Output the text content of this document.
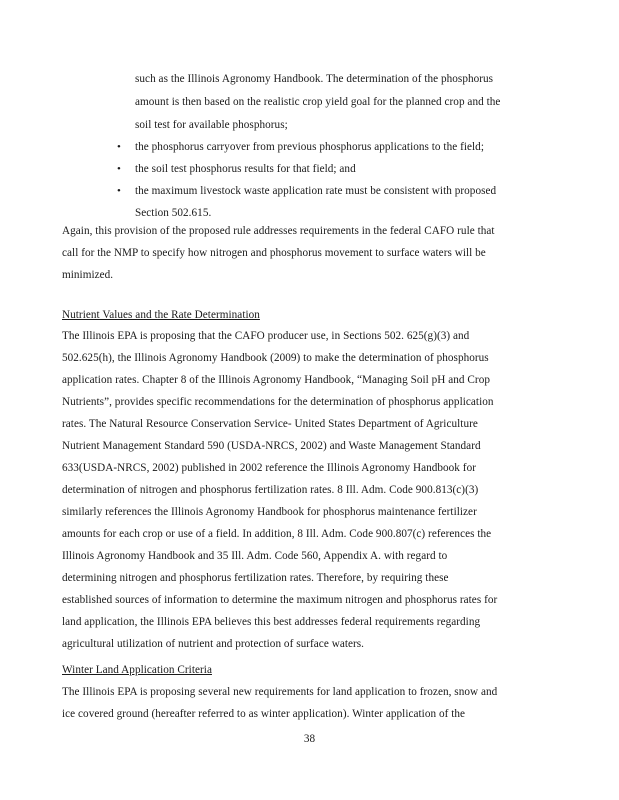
such as the Illinois Agronomy Handbook. The determination of the phosphorus
amount is then based on the realistic crop yield goal for the planned crop and the
soil test for available phosphorus;
• the phosphorus carryover from previous phosphorus applications to the field;
• the soil test phosphorus results for that field; and
• the maximum livestock waste application rate must be consistent with proposed
Section 502.615.
Again, this provision of the proposed rule addresses requirements in the federal CAFO rule that
call for the NMP to specify how nitrogen and phosphorus movement to surface waters will be
minimized.
Nutrient Values and the Rate Determination
The Illinois EPA is proposing that the CAFO producer use, in Sections 502. 625(g)(3) and
502.625(h), the Illinois Agronomy Handbook (2009) to make the determination of phosphorus
application rates. Chapter 8 of the Illinois Agronomy Handbook, “Managing Soil pH and Crop
Nutrients”, provides specific recommendations for the determination of phosphorus application
rates. The Natural Resource Conservation Service- United States Department of Agriculture
Nutrient Management Standard 590 (USDA-NRCS, 2002) and Waste Management Standard
633(USDA-NRCS, 2002) published in 2002 reference the Illinois Agronomy Handbook for
determination of nitrogen and phosphorus fertilization rates. 8 Ill. Adm. Code 900.813(c)(3)
similarly references the Illinois Agronomy Handbook for phosphorus maintenance fertilizer
amounts for each crop or use of a field. In addition, 8 Ill. Adm. Code 900.807(c) references the
Illinois Agronomy Handbook and 35 Ill. Adm. Code 560, Appendix A. with regard to
determining nitrogen and phosphorus fertilization rates. Therefore, by requiring these
established sources of information to determine the maximum nitrogen and phosphorus rates for
land application, the Illinois EPA believes this best addresses federal requirements regarding
agricultural utilization of nutrient and protection of surface waters.
Winter Land Application Criteria
The Illinois EPA is proposing several new requirements for land application to frozen, snow and
ice covered ground (hereafter referred to as winter application). Winter application of the
38
